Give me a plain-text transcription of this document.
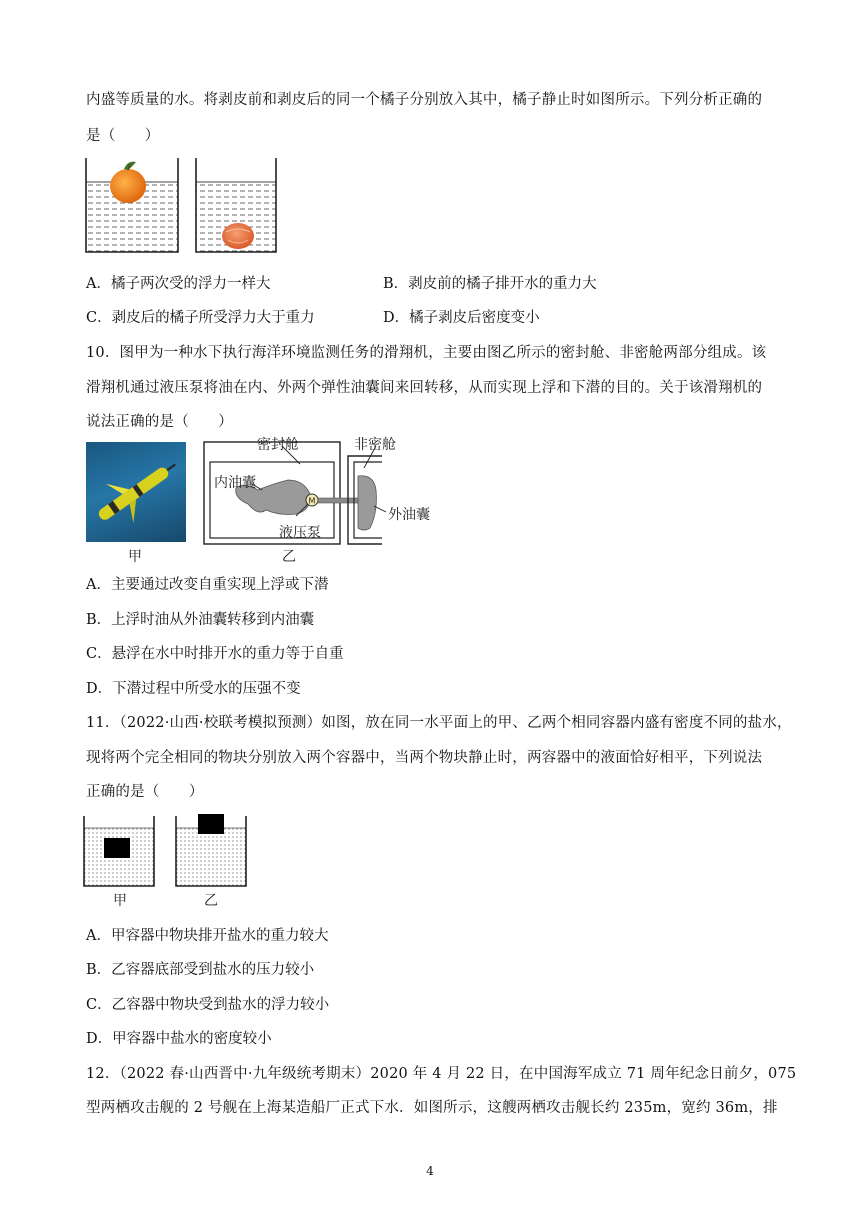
内盛等质量的水。将剥皮前和剥皮后的同一个橘子分别放入其中，橘子静止时如图所示。下列分析正确的
是（　　）
A．橘子两次受的浮力一样大	B．剥皮前的橘子排开水的重力大
C．剥皮后的橘子所受浮力大于重力	D．橘子剥皮后密度变小
10．图甲为一种水下执行海洋环境监测任务的滑翔机，主要由图乙所示的密封舱、非密舱两部分组成。该
滑翔机通过液压泵将油在内、外两个弹性油囊间来回转移，从而实现上浮和下潜的目的。关于该滑翔机的
说法正确的是（　　）
甲
M
密封舱	非密舱
内油囊
外油囊
液压泵
乙
A．主要通过改变自重实现上浮或下潜
B．上浮时油从外油囊转移到内油囊
C．悬浮在水中时排开水的重力等于自重
D．下潜过程中所受水的压强不变
11．（2022·山西·校联考模拟预测）如图，放在同一水平面上的甲、乙两个相同容器内盛有密度不同的盐水，
现将两个完全相同的物块分别放入两个容器中，当两个物块静止时，两容器中的液面恰好相平，下列说法
正确的是（　　）
甲	乙
A．甲容器中物块排开盐水的重力较大
B．乙容器底部受到盐水的压力较小
C．乙容器中物块受到盐水的浮力较小
D．甲容器中盐水的密度较小
12．（2022 春·山西晋中·九年级统考期末）2020 年 4 月 22 日，在中国海军成立 71 周年纪念日前夕，075
型两栖攻击舰的 2 号舰在上海某造船厂正式下水．如图所示，这艘两栖攻击舰长约 235m，宽约 36m，排
4
